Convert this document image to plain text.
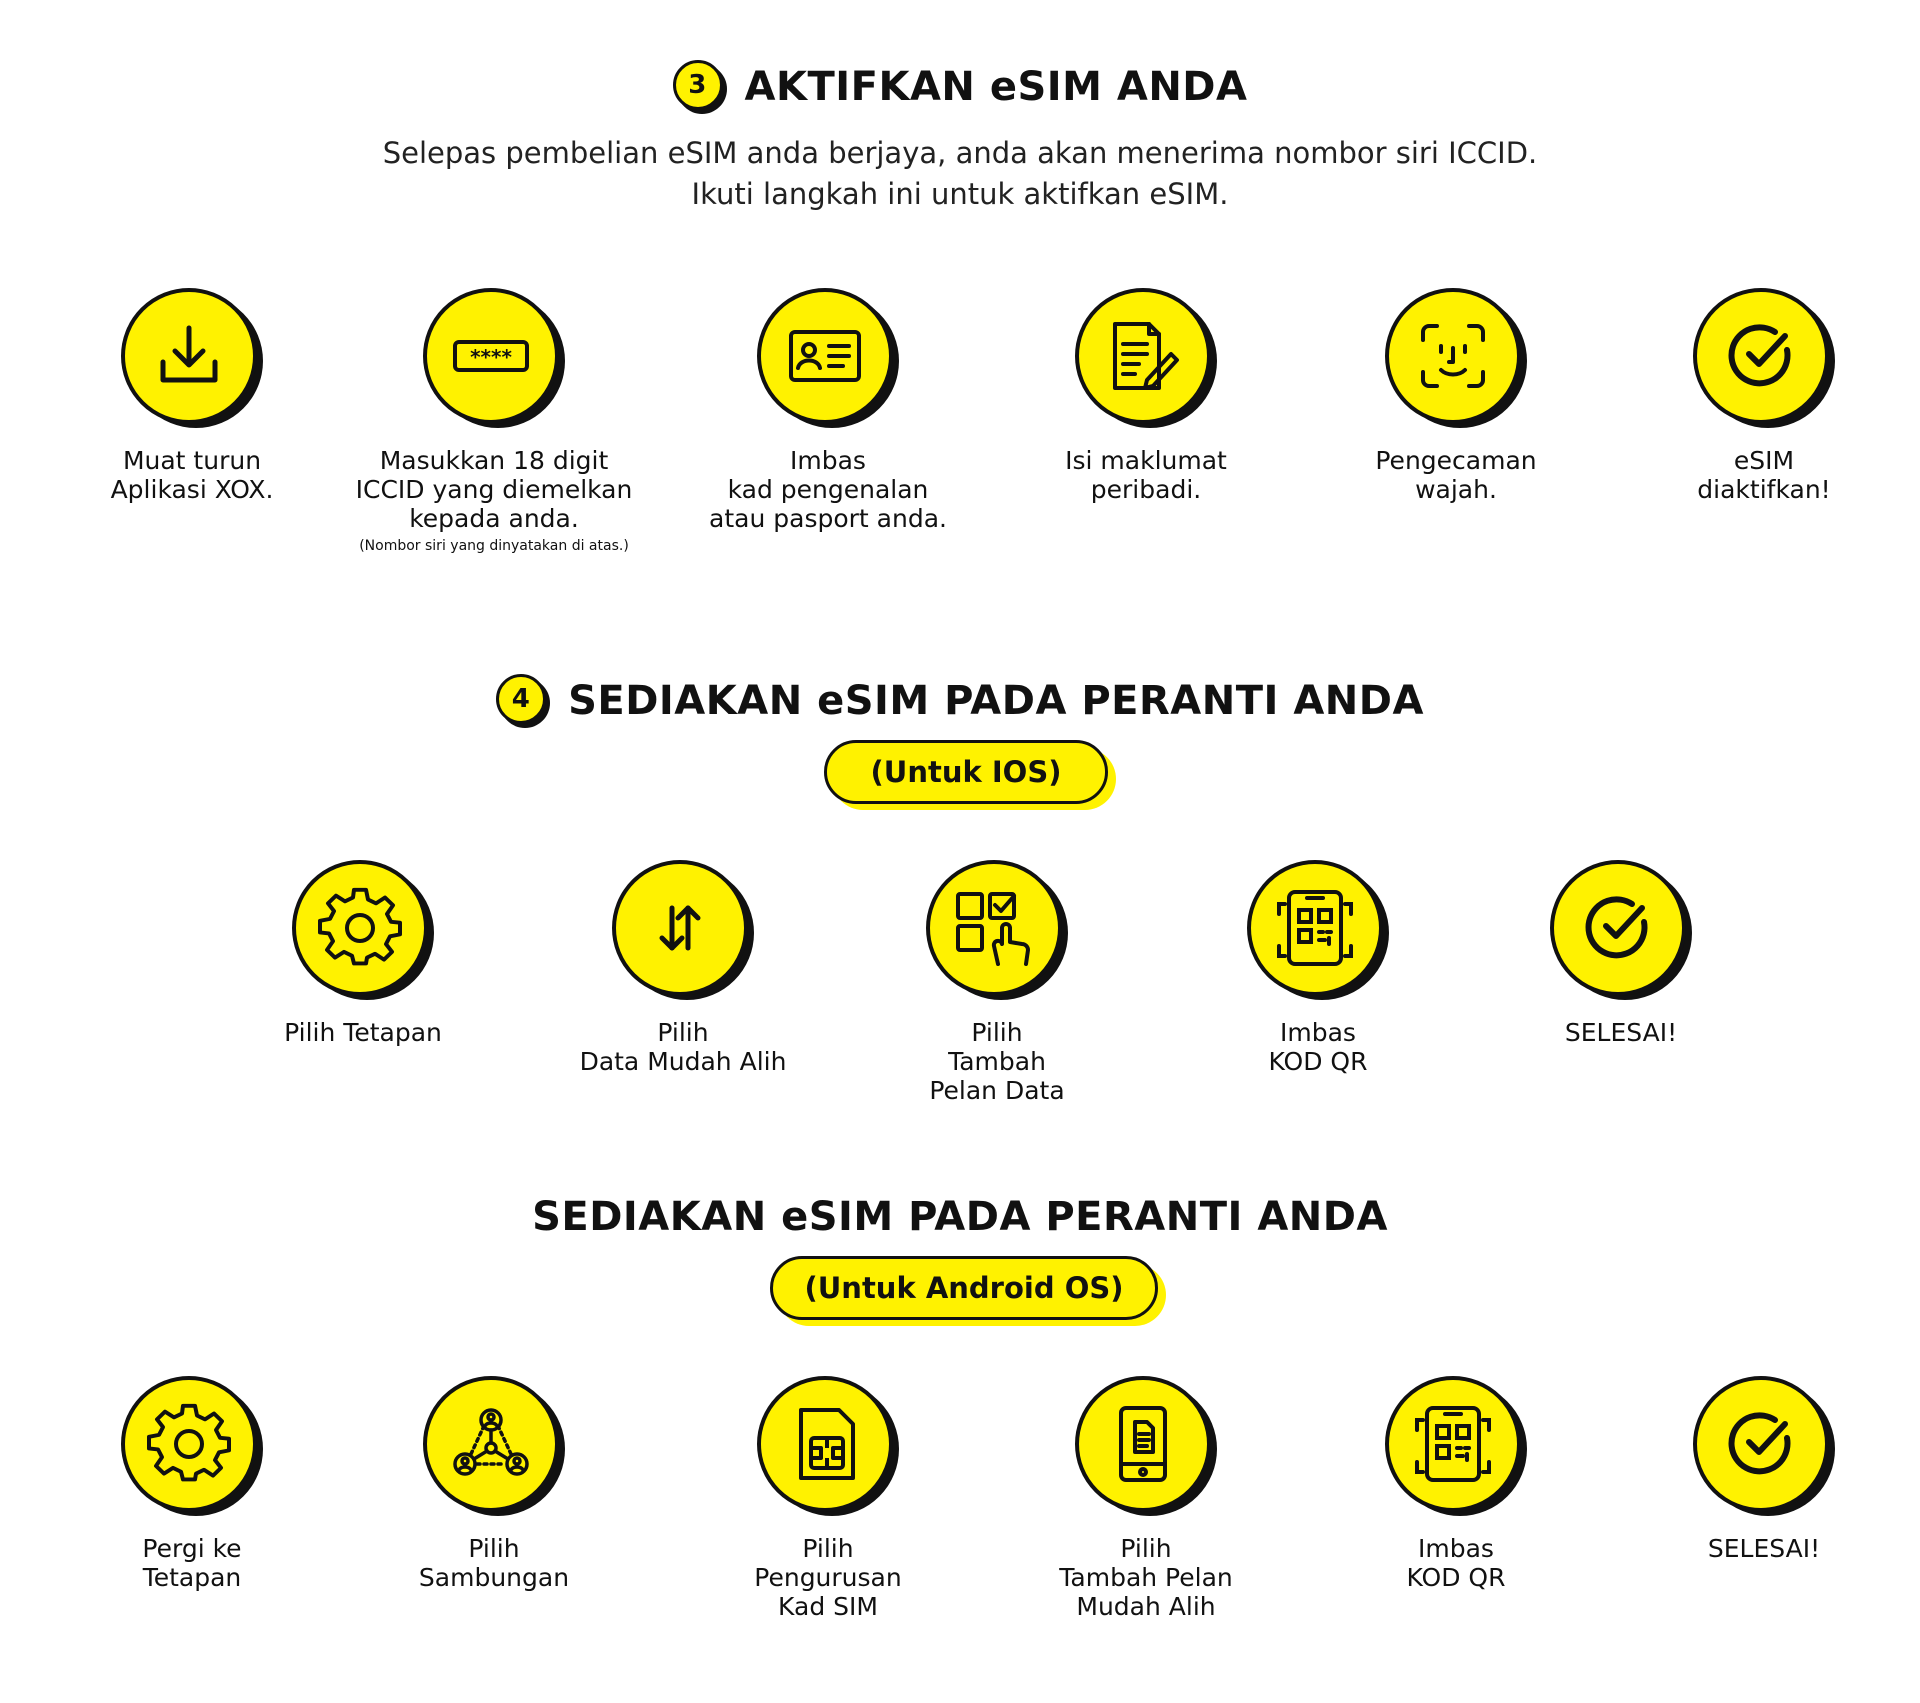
3 AKTIFKAN eSIM ANDA
Selepas pembelian eSIM anda berjaya, anda akan menerima nombor siri ICCID.
Ikuti langkah ini untuk aktifkan eSIM.
Muat turun
Aplikasi XOX.
****
Masukkan 18 digit
ICCID yang diemelkan
kepada anda.
(Nombor siri yang dinyatakan di atas.)
Imbas
kad pengenalan
atau pasport anda.
Isi maklumat
peribadi.
Pengecaman
wajah.
eSIM
diaktifkan!
4 SEDIAKAN eSIM PADA PERANTI ANDA
(Untuk IOS)
Pilih Tetapan	Pilih
Data Mudah Alih
Pilih
Tambah
Pelan Data
Imbas
KOD QR
SELESAI!
SEDIAKAN eSIM PADA PERANTI ANDA
(Untuk Android OS)
Pergi ke
Tetapan
Pilih
Sambungan
Pilih
Pengurusan
Kad SIM
Pilih
Tambah Pelan
Mudah Alih
Imbas
KOD QR
SELESAI!
